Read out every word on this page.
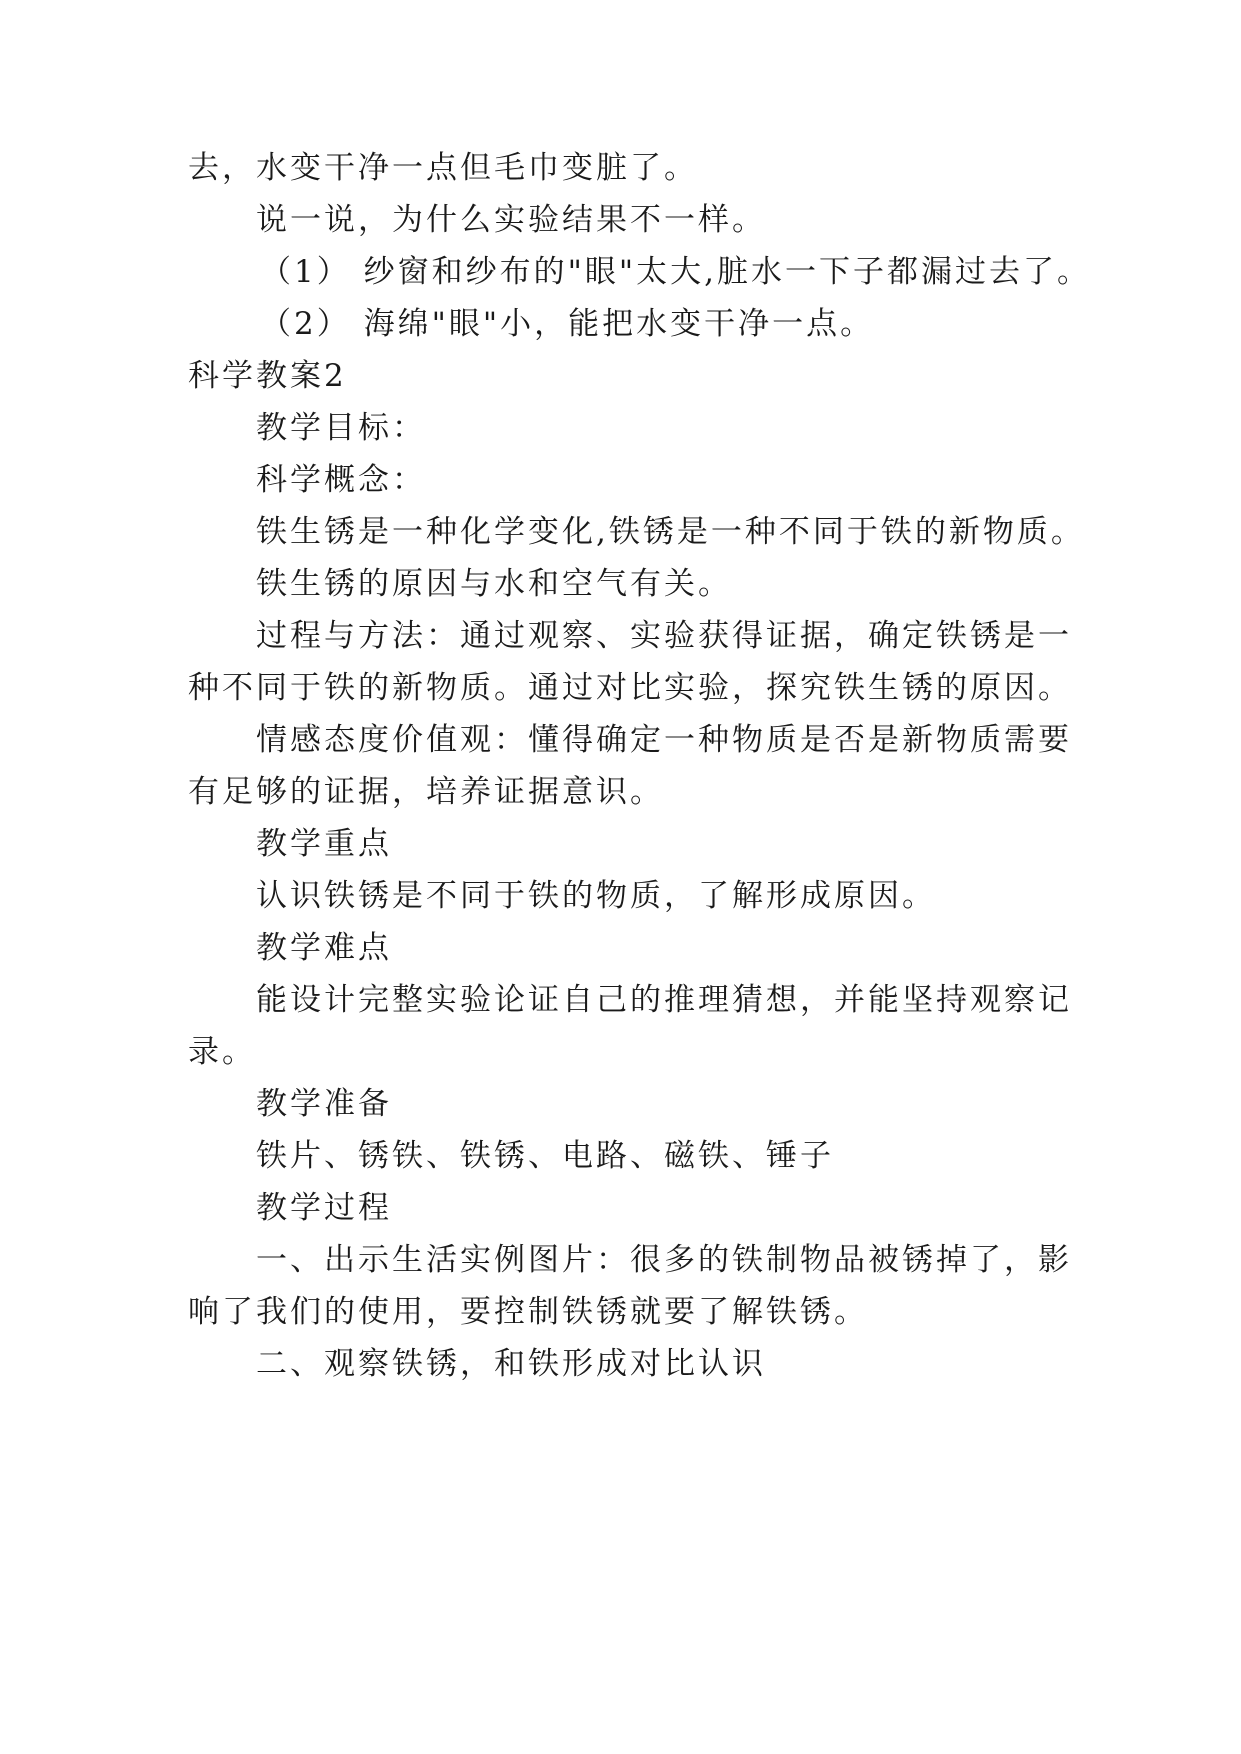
去，水变干净一点但毛巾变脏了。
说一说，为什么实验结果不一样。
（1） 纱窗和纱布的"眼"太大,脏水一下子都漏过去了。
（2） 海绵"眼"小，能把水变干净一点。
科学教案2
教学目标：
科学概念：
铁生锈是一种化学变化,铁锈是一种不同于铁的新物质。
铁生锈的原因与水和空气有关。
过程与方法：通过观察、实验获得证据，确定铁锈是一
种不同于铁的新物质。通过对比实验，探究铁生锈的原因。
情感态度价值观：懂得确定一种物质是否是新物质需要
有足够的证据，培养证据意识。
教学重点
认识铁锈是不同于铁的物质，了解形成原因。
教学难点
能设计完整实验论证自己的推理猜想，并能坚持观察记
录。
教学准备
铁片、锈铁、铁锈、电路、磁铁、锤子
教学过程
一、出示生活实例图片：很多的铁制物品被锈掉了，影
响了我们的使用，要控制铁锈就要了解铁锈。
二、观察铁锈，和铁形成对比认识
